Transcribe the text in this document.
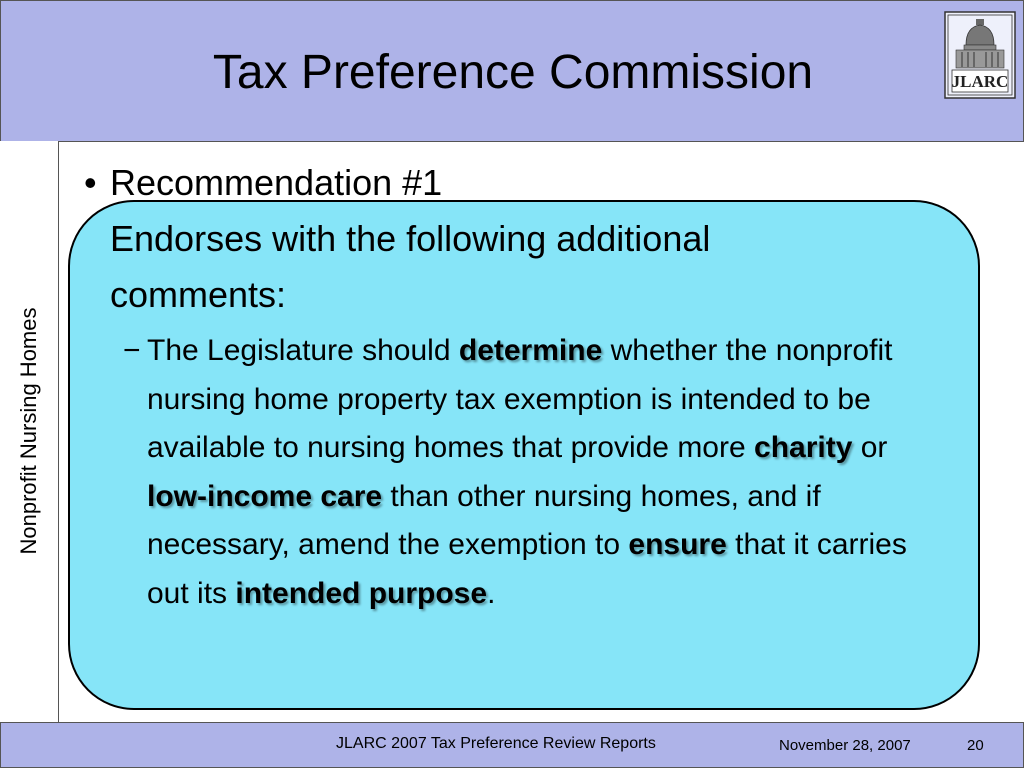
Tax Preference Commission	JLARC
Nonprofit Nursing Homes
• Recommendation #1
Endorses with the following additional
comments:
− The Legislature should determine whether the nonprofit nursing home property tax exemption is intended to be available to nursing homes that provide more charity or low-income care than other nursing homes, and if necessary, amend the exemption to ensure that it carries out its intended purpose.
JLARC 2007 Tax Preference Review Reports	November 28, 2007	20
